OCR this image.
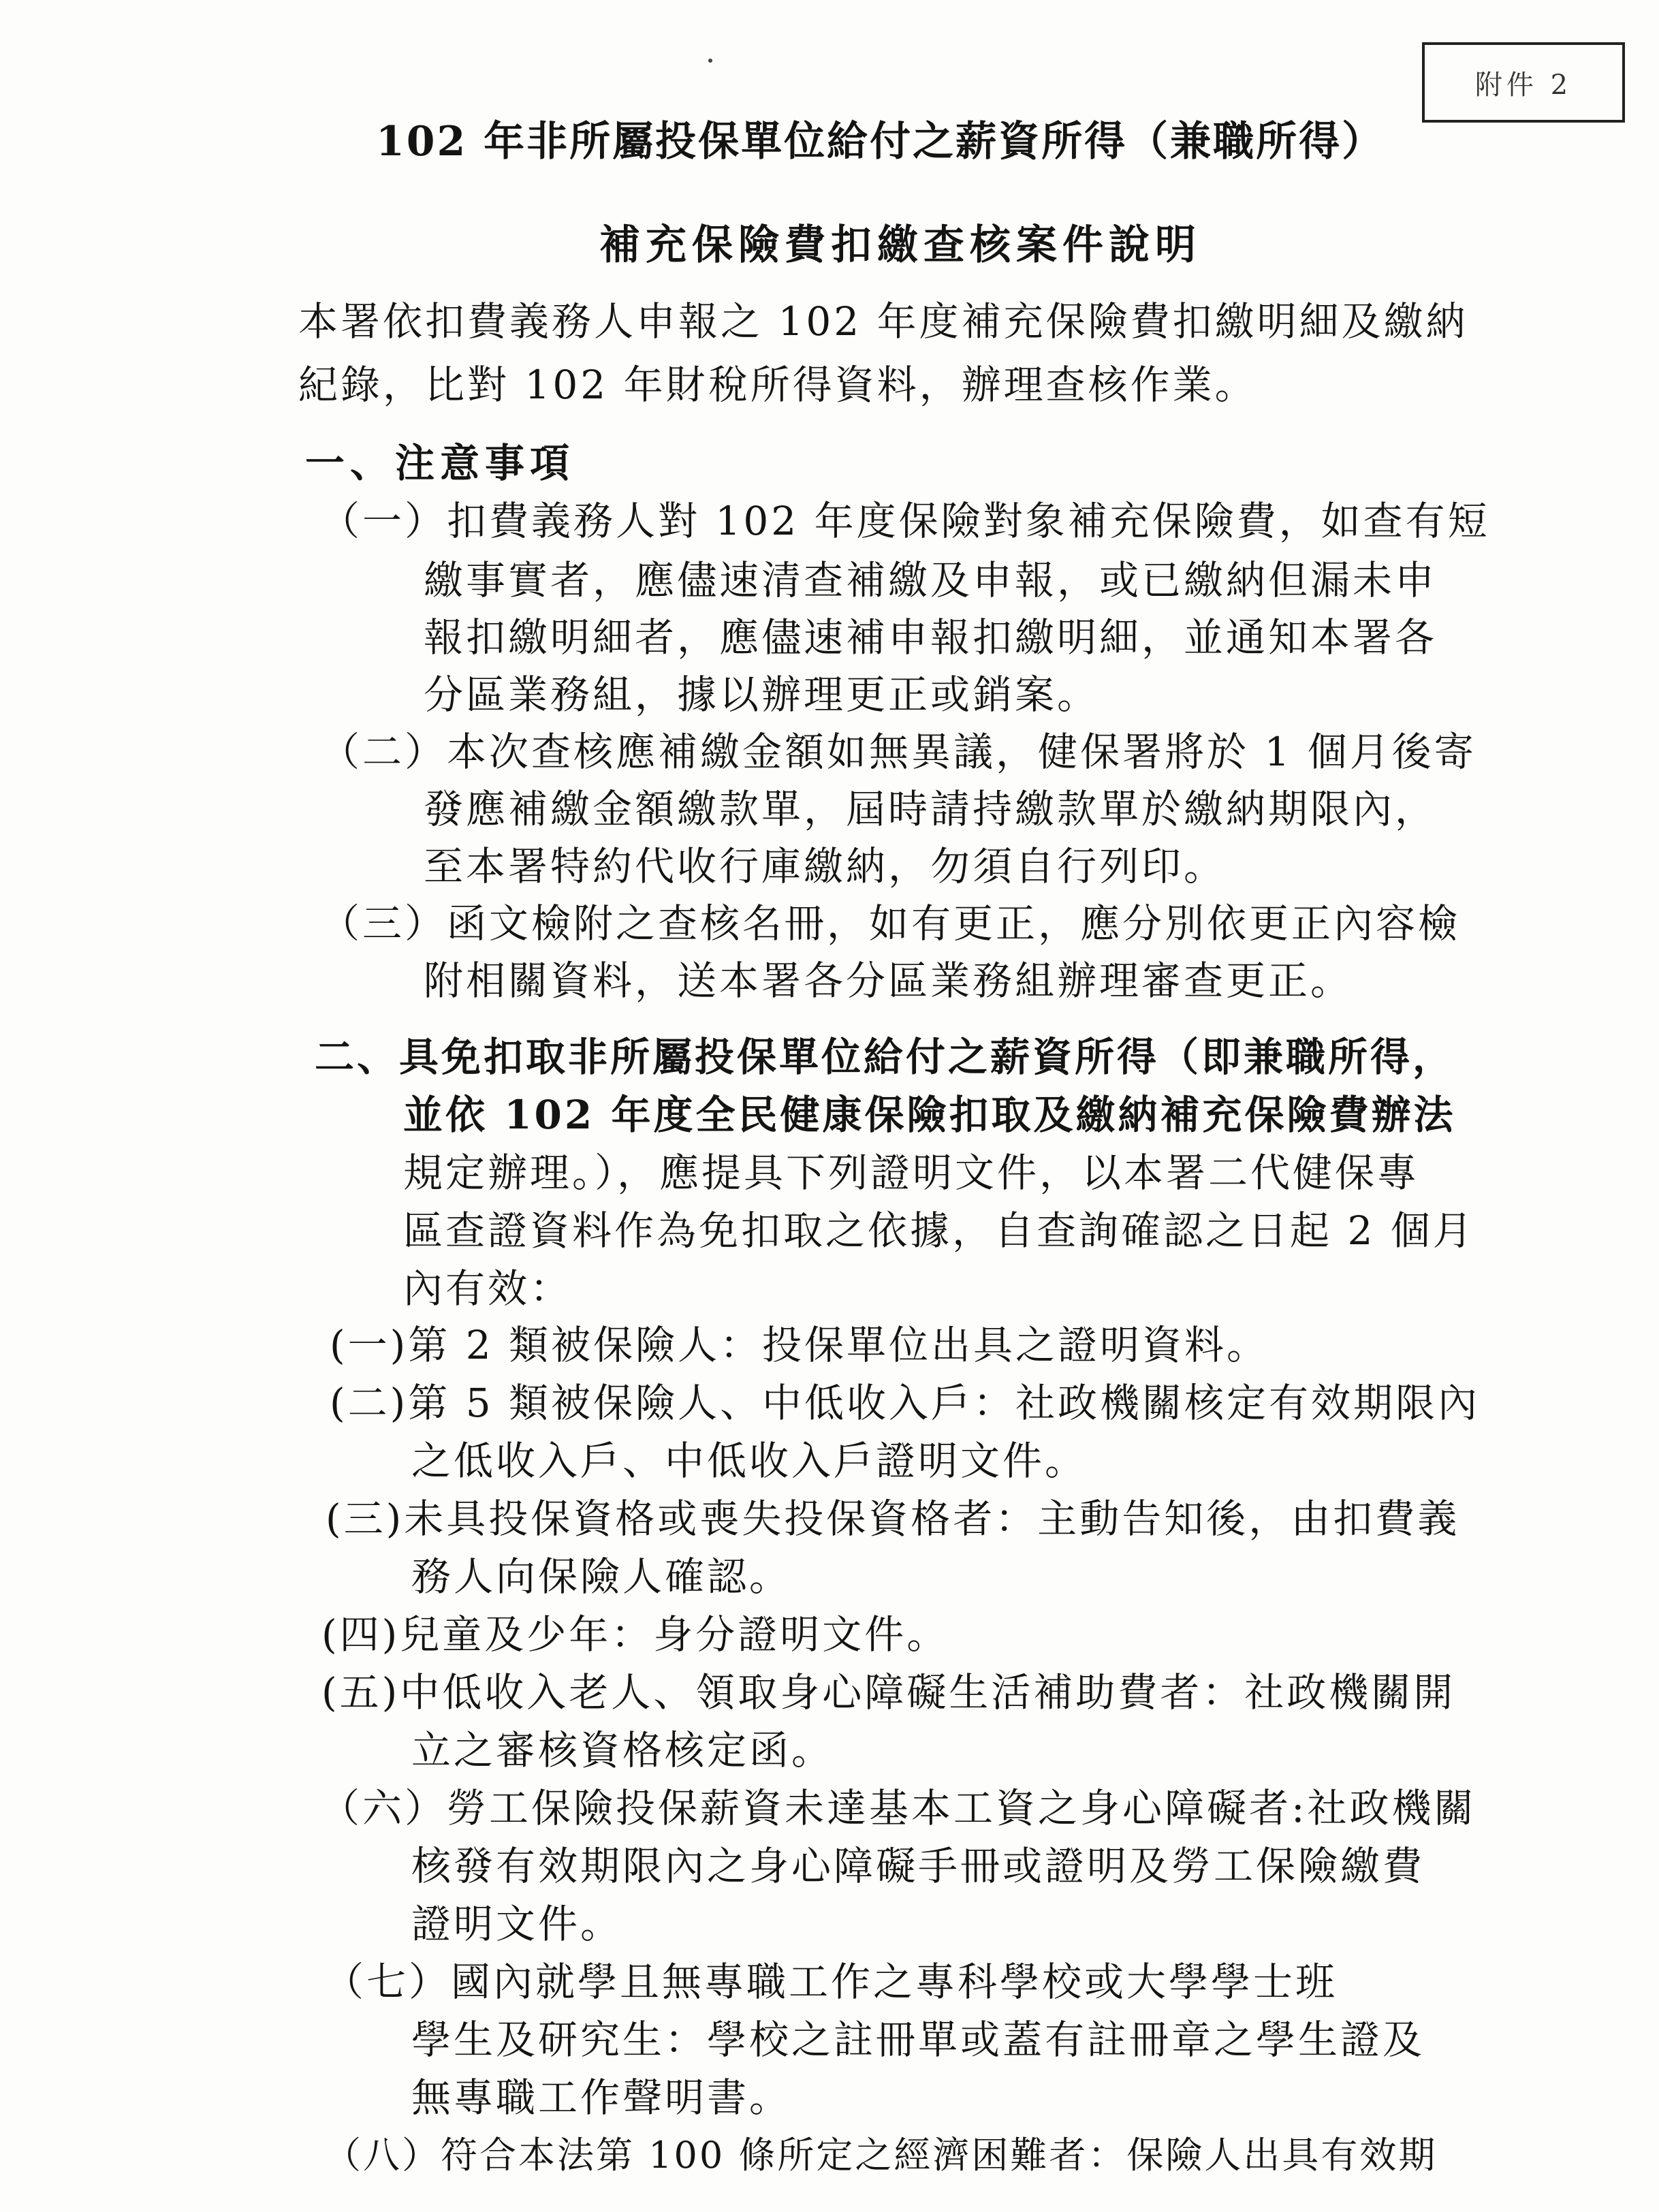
附件 2
102 年非所屬投保單位給付之薪資所得（兼職所得）
補充保險費扣繳查核案件說明
本署依扣費義務人申報之 102 年度補充保險費扣繳明細及繳納
紀錄，比對 102 年財稅所得資料，辦理查核作業。
一、注意事項
（一）扣費義務人對 102 年度保險對象補充保險費，如查有短
繳事實者，應儘速清查補繳及申報，或已繳納但漏未申
報扣繳明細者，應儘速補申報扣繳明細，並通知本署各
分區業務組，據以辦理更正或銷案。
（二）本次查核應補繳金額如無異議，健保署將於 1 個月後寄
發應補繳金額繳款單，屆時請持繳款單於繳納期限內，
至本署特約代收行庫繳納，勿須自行列印。
（三）函文檢附之查核名冊，如有更正，應分別依更正內容檢
附相關資料，送本署各分區業務組辦理審查更正。
二、具免扣取非所屬投保單位給付之薪資所得（即兼職所得，
並依 102 年度全民健康保險扣取及繳納補充保險費辦法
規定辦理。），應提具下列證明文件，以本署二代健保專
區查證資料作為免扣取之依據，自查詢確認之日起 2 個月
內有效：
(一)第 2 類被保險人：投保單位出具之證明資料。
(二)第 5 類被保險人、中低收入戶：社政機關核定有效期限內
之低收入戶、中低收入戶證明文件。
(三)未具投保資格或喪失投保資格者：主動告知後，由扣費義
務人向保險人確認。
(四)兒童及少年：身分證明文件。
(五)中低收入老人、領取身心障礙生活補助費者：社政機關開
立之審核資格核定函。
（六）勞工保險投保薪資未達基本工資之身心障礙者:社政機關
核發有效期限內之身心障礙手冊或證明及勞工保險繳費
證明文件。
（七）國內就學且無專職工作之專科學校或大學學士班
學生及研究生：學校之註冊單或蓋有註冊章之學生證及
無專職工作聲明書。
（八）符合本法第 100 條所定之經濟困難者：保險人出具有效期
